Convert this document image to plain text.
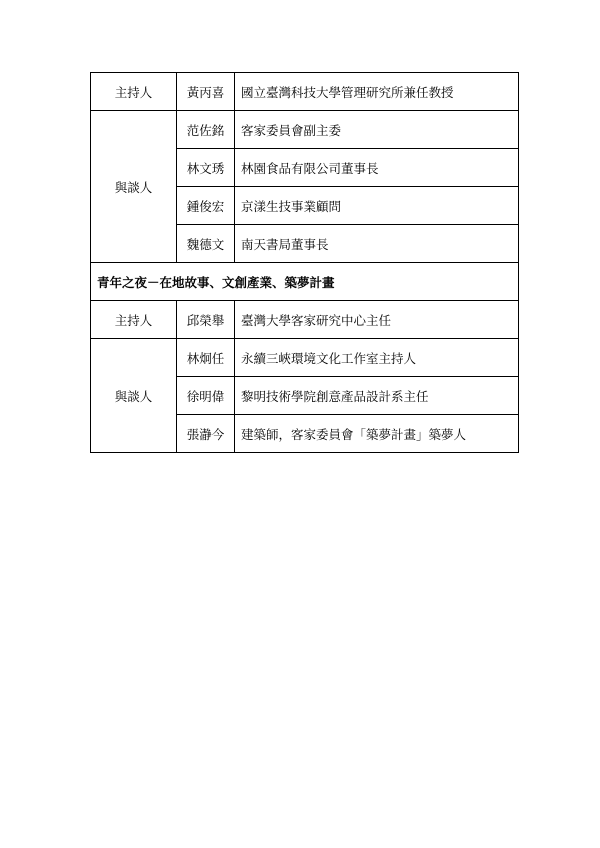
主持人	黃丙喜	國立臺灣科技大學管理研究所兼任教授
與談人	范佐銘	客家委員會副主委
	林文琇	林園食品有限公司董事長
	鍾俊宏	京漾生技事業顧問
	魏德文	南天書局董事長
青年之夜－在地故事、文創產業、築夢計畫		
主持人	邱榮舉	臺灣大學客家研究中心主任
與談人	林炯任	永續三峽環境文化工作室主持人
	徐明偉	黎明技術學院創意產品設計系主任
	張瀞今	建築師，客家委員會「築夢計畫」築夢人
